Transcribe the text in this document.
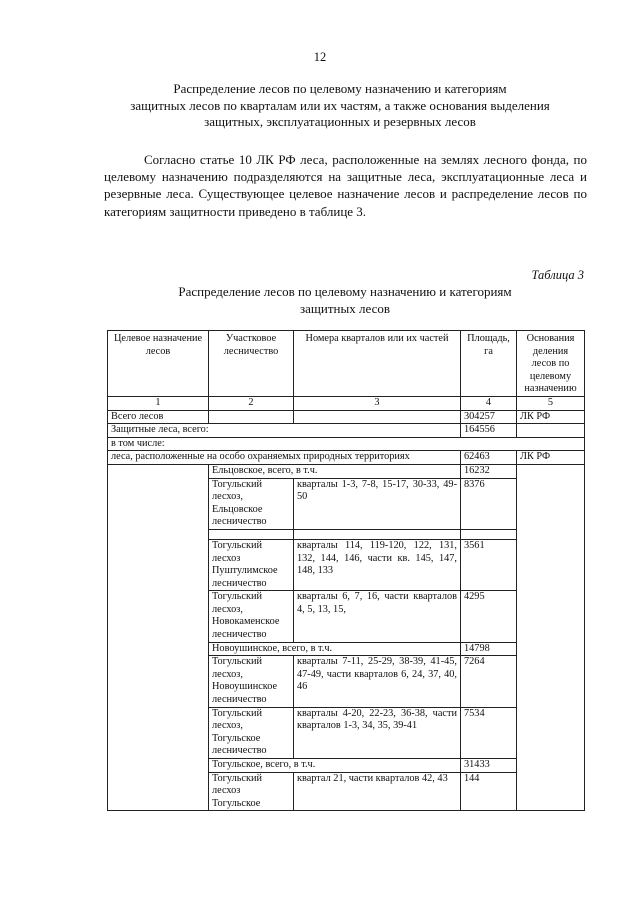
12
Распределение лесов по целевому назначению и категориям
защитных лесов по кварталам или их частям, а также основания выделения
защитных, эксплуатационных и резервных лесов
Согласно статье 10 ЛК РФ леса, расположенные на землях лесного фонда, по целевому назначению подразделяются на защитные леса, эксплуатационные леса и резервные леса. Существующее целевое назначение лесов и распределение лесов по категориям защитности приведено в таблице 3.
Таблица 3
Распределение лесов по целевому назначению и категориям
защитных лесов
Целевое назначение лесов	Участковое лесничество	Номера кварталов или их частей	Площадь, га	Основания деления лесов по целевому назначению
1	2	3	4	5
Всего лесов			304257	ЛК РФ
Защитные леса, всего:			164556	
в том числе:				
леса, расположенные на особо охраняемых природных территориях			62463	ЛК РФ
	Ельцовское, всего, в т.ч.		16232	
	Тогульский лесхоз, Ельцовское лесничество	кварталы 1-3, 7-8, 15-17, 30-33, 49-50	8376	

	Тогульский лесхоз Пуштулимское лесничество	кварталы 114, 119-120, 122, 131, 132, 144, 146, части кв. 145, 147, 148, 133	3561	
	Тогульский лесхоз, Новокаменское лесничество	кварталы 6, 7, 16, части кварталов 4, 5, 13, 15,	4295	
	Новоушинское, всего, в т.ч.		14798	
	Тогульский лесхоз, Новоушинское лесничество	кварталы 7-11, 25-29, 38-39, 41-45, 47-49, части кварталов 6, 24, 37, 40, 46	7264	
	Тогульский лесхоз, Тогульское лесничество	кварталы 4-20, 22-23, 36-38, части кварталов 1-3, 34, 35, 39-41	7534	
	Тогульское, всего, в т.ч.		31433	
	Тогульский лесхоз Тогульское	квартал 21, части кварталов 42, 43	144	
